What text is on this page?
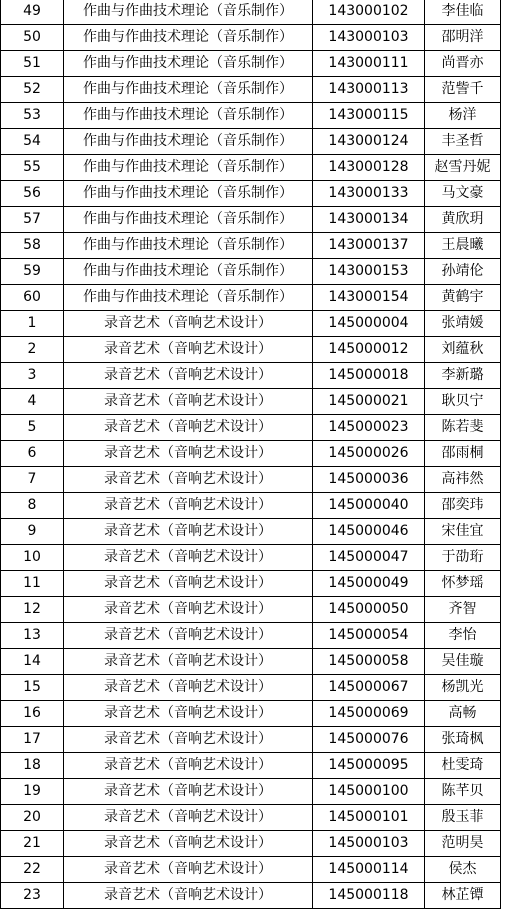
49	作曲与作曲技术理论（音乐制作）	143000102	李佳临
50	作曲与作曲技术理论（音乐制作）	143000103	邵明洋
51	作曲与作曲技术理论（音乐制作）	143000111	尚晋亦
52	作曲与作曲技术理论（音乐制作）	143000113	范訾千
53	作曲与作曲技术理论（音乐制作）	143000115	杨洋
54	作曲与作曲技术理论（音乐制作）	143000124	丰圣哲
55	作曲与作曲技术理论（音乐制作）	143000128	赵雪丹妮
56	作曲与作曲技术理论（音乐制作）	143000133	马文豪
57	作曲与作曲技术理论（音乐制作）	143000134	黄欣玥
58	作曲与作曲技术理论（音乐制作）	143000137	王晨曦
59	作曲与作曲技术理论（音乐制作）	143000153	孙靖伦
60	作曲与作曲技术理论（音乐制作）	143000154	黄鹤宇
1	录音艺术（音响艺术设计）	145000004	张靖媛
2	录音艺术（音响艺术设计）	145000012	刘蕴秋
3	录音艺术（音响艺术设计）	145000018	李新璐
4	录音艺术（音响艺术设计）	145000021	耿贝宁
5	录音艺术（音响艺术设计）	145000023	陈若斐
6	录音艺术（音响艺术设计）	145000026	邵雨桐
7	录音艺术（音响艺术设计）	145000036	高祎然
8	录音艺术（音响艺术设计）	145000040	邵奕玮
9	录音艺术（音响艺术设计）	145000046	宋佳宜
10	录音艺术（音响艺术设计）	145000047	于劭珩
11	录音艺术（音响艺术设计）	145000049	怀梦瑶
12	录音艺术（音响艺术设计）	145000050	齐智
13	录音艺术（音响艺术设计）	145000054	李怡
14	录音艺术（音响艺术设计）	145000058	吴佳璇
15	录音艺术（音响艺术设计）	145000067	杨凯光
16	录音艺术（音响艺术设计）	145000069	高畅
17	录音艺术（音响艺术设计）	145000076	张琦枫
18	录音艺术（音响艺术设计）	145000095	杜雯琦
19	录音艺术（音响艺术设计）	145000100	陈芊贝
20	录音艺术（音响艺术设计）	145000101	殷玉菲
21	录音艺术（音响艺术设计）	145000103	范明昊
22	录音艺术（音响艺术设计）	145000114	侯杰
23	录音艺术（音响艺术设计）	145000118	林芷镡
